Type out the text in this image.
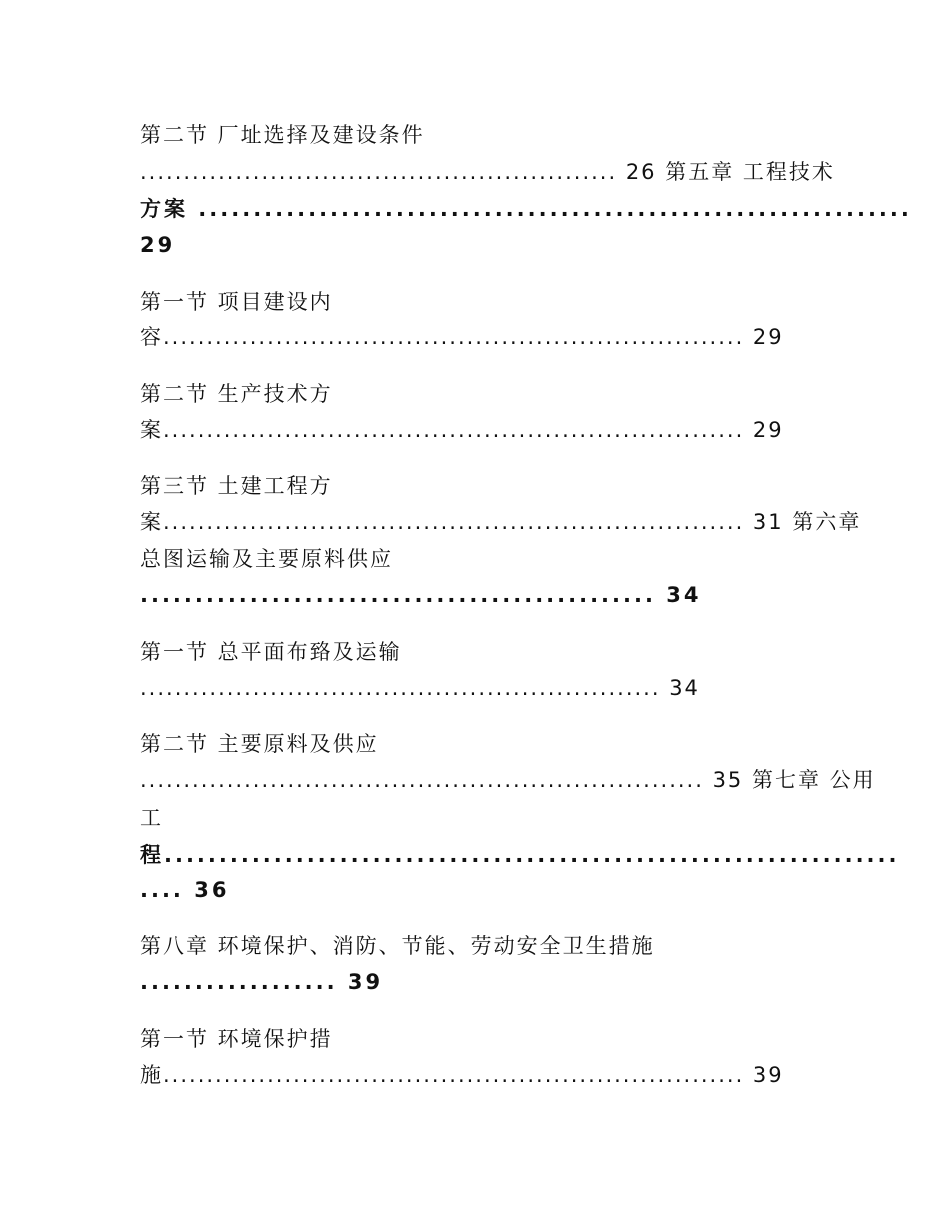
第二节 厂址选择及建设条件
....................................................... 26 第五章 工程技术
方案 .................................................................
29
第一节 项目建设内
容................................................................... 29
第二节 生产技术方
案................................................................... 29
第三节 土建工程方
案................................................................... 31 第六章
总图运输及主要原料供应
............................................... 34
第一节 总平面布臵及运输
............................................................ 34
第二节 主要原料及供应
................................................................. 35 第七章 公用
工
程...................................................................
.... 36
第八章 环境保护、消防、节能、劳动安全卫生措施
.................. 39
第一节 环境保护措
施................................................................... 39
